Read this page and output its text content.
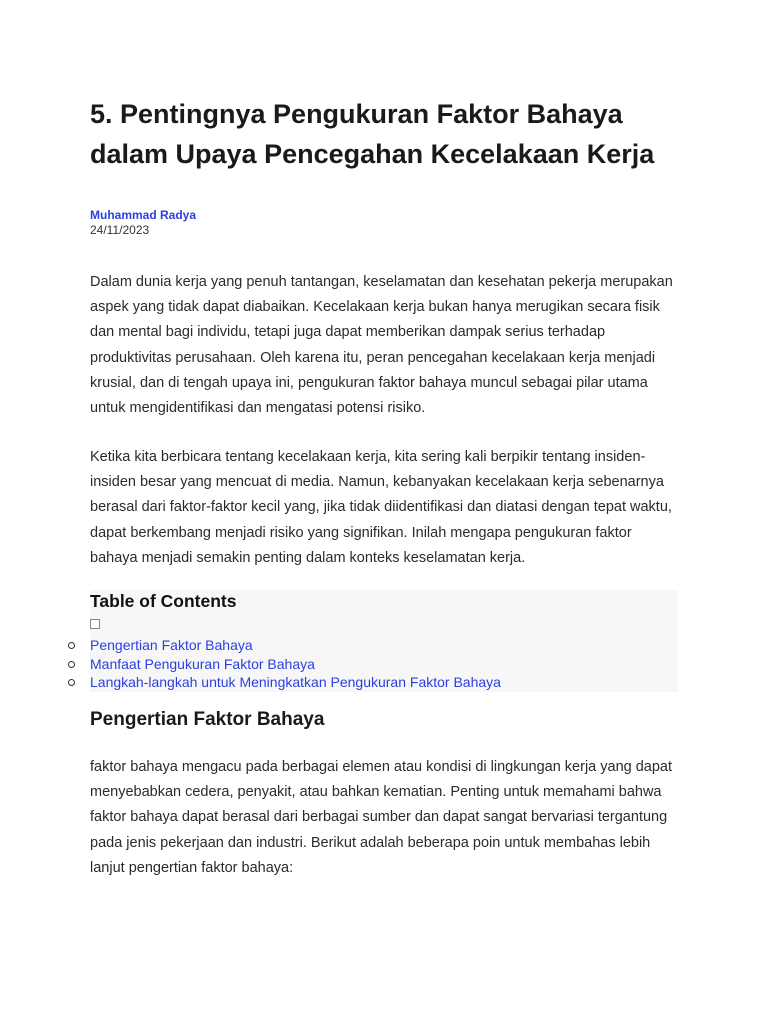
5. Pentingnya Pengukuran Faktor Bahaya dalam Upaya Pencegahan Kecelakaan Kerja
Muhammad Radya
24/11/2023

Dalam dunia kerja yang penuh tantangan, keselamatan dan kesehatan pekerja merupakan aspek yang tidak dapat diabaikan. Kecelakaan kerja bukan hanya merugikan secara fisik dan mental bagi individu, tetapi juga dapat memberikan dampak serius terhadap produktivitas perusahaan. Oleh karena itu, peran pencegahan kecelakaan kerja menjadi krusial, dan di tengah upaya ini, pengukuran faktor bahaya muncul sebagai pilar utama untuk mengidentifikasi dan mengatasi potensi risiko.

Ketika kita berbicara tentang kecelakaan kerja, kita sering kali berpikir tentang insiden-insiden besar yang mencuat di media. Namun, kebanyakan kecelakaan kerja sebenarnya berasal dari faktor-faktor kecil yang, jika tidak diidentifikasi dan diatasi dengan tepat waktu, dapat berkembang menjadi risiko yang signifikan. Inilah mengapa pengukuran faktor bahaya menjadi semakin penting dalam konteks keselamatan kerja.

Pengertian Faktor Bahaya

faktor bahaya mengacu pada berbagai elemen atau kondisi di lingkungan kerja yang dapat menyebabkan cedera, penyakit, atau bahkan kematian. Penting untuk memahami bahwa faktor bahaya dapat berasal dari berbagai sumber dan dapat sangat bervariasi tergantung pada jenis pekerjaan dan industri. Berikut adalah beberapa poin untuk membahas lebih lanjut pengertian faktor bahaya:

Table of Contents
Pengertian Faktor Bahaya
Manfaat Pengukuran Faktor Bahaya
Langkah-langkah untuk Meningkatkan Pengukuran Faktor Bahaya
